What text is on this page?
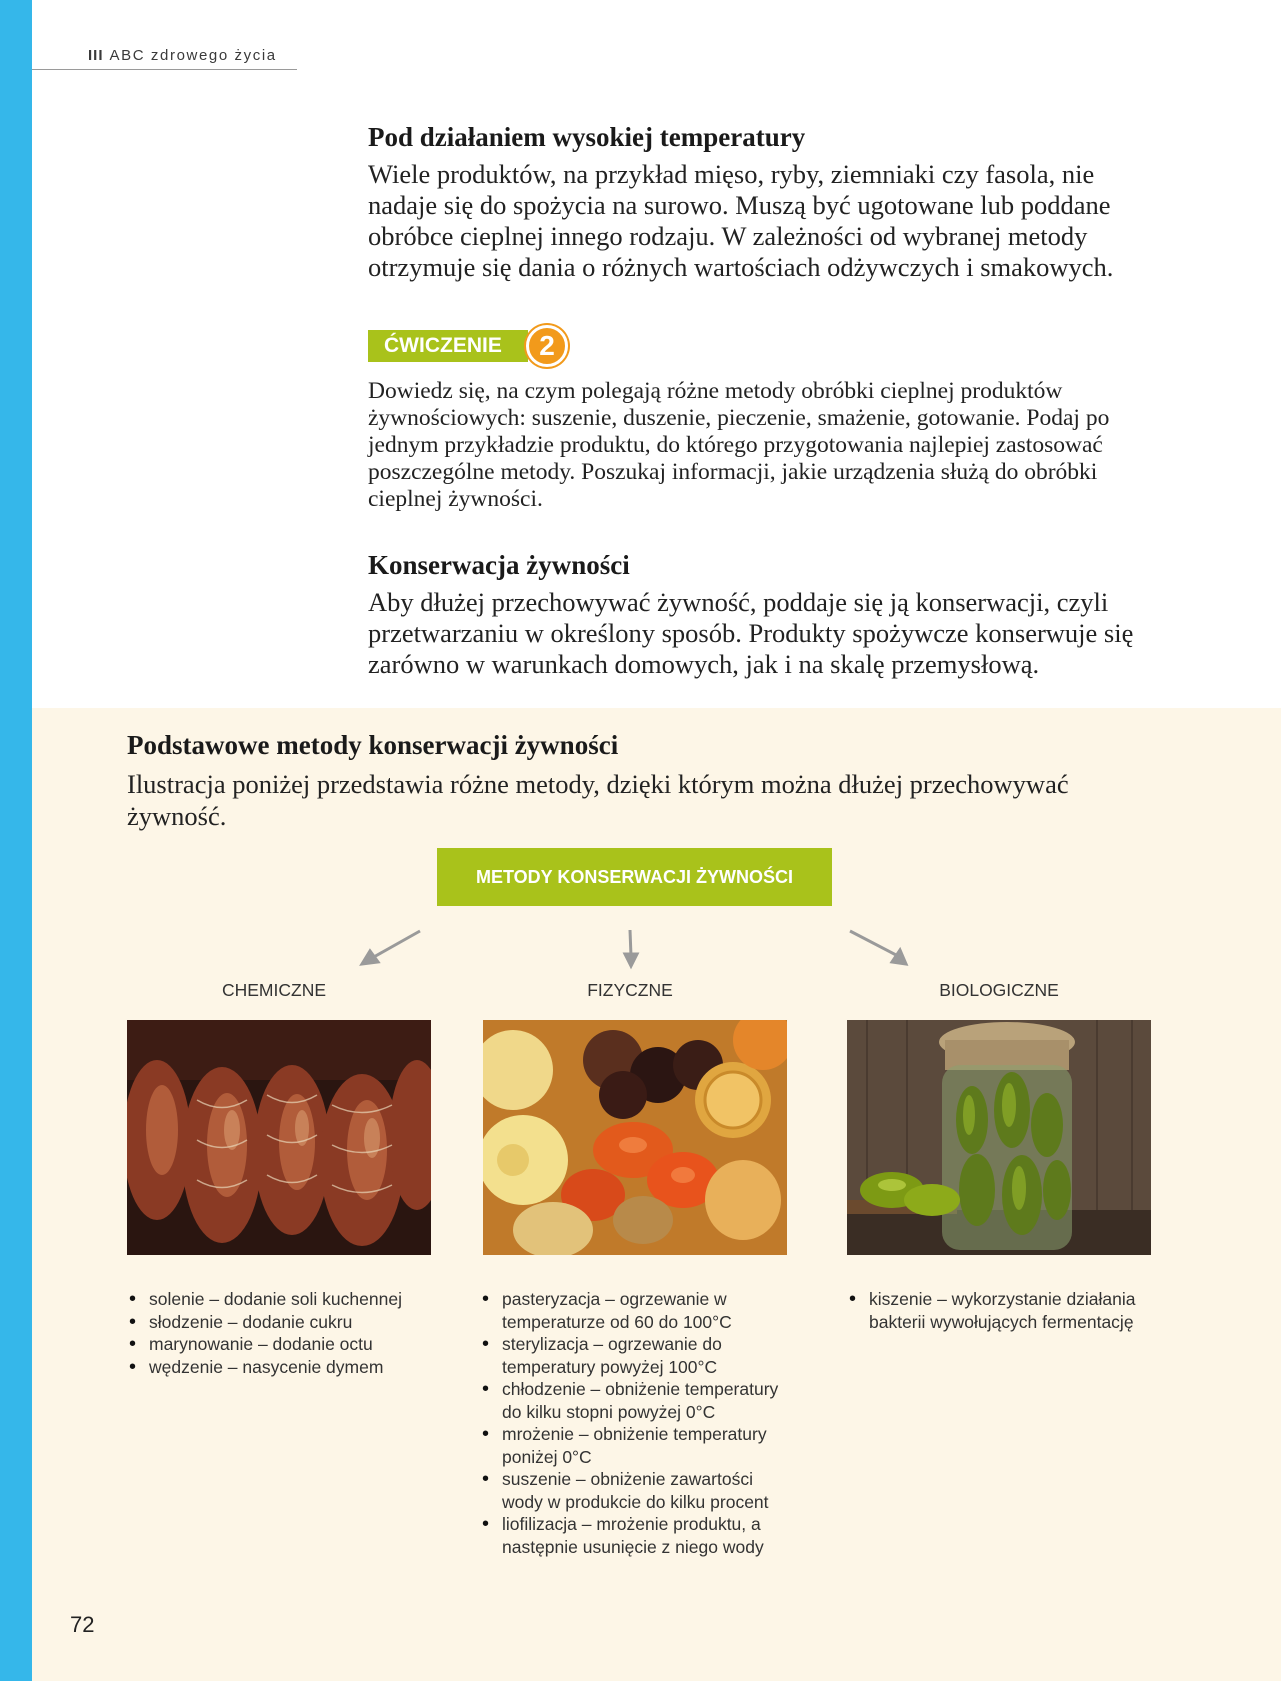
III ABC zdrowego życia
Pod działaniem wysokiej temperatury

Wiele produktów, na przykład mięso, ryby, ziemniaki czy fasola, nie nadaje się do spożycia na surowo. Muszą być ugotowane lub poddane obróbce cieplnej innego rodzaju. W zależności od wybranej metody otrzymuje się dania o różnych wartościach odżywczych i smakowych.

ĆWICZENIE	2

Dowiedz się, na czym polegają różne metody obróbki cieplnej produktów żywnościowych: suszenie, duszenie, pieczenie, smażenie, gotowanie. Podaj po jednym przykładzie produktu, do którego przygotowania najlepiej zastosować poszczególne metody. Poszukaj informacji, jakie urządzenia służą do obróbki cieplnej żywności.

Konserwacja żywności

Aby dłużej przechowywać żywność, poddaje się ją konserwacji, czyli przetwarzaniu w określony sposób. Produkty spożywcze konserwuje się zarówno w warunkach domowych, jak i na skalę przemysłową.

Podstawowe metody konserwacji żywności

Ilustracja poniżej przedstawia różne metody, dzięki którym można dłużej przechowywać żywność.

METODY KONSERWACJI ŻYWNOŚCI
CHEMICZNE	FIZYCZNE	BIOLOGICZNE
• solenie – dodanie soli kuchennej
• słodzenie – dodanie cukru
• marynowanie – dodanie octu
• wędzenie – nasycenie dymem
• pasteryzacja – ogrzewanie w temperaturze od 60 do 100°C
• sterylizacja – ogrzewanie do temperatury powyżej 100°C
• chłodzenie – obniżenie temperatury do kilku stopni powyżej 0°C
• mrożenie – obniżenie temperatury poniżej 0°C
• suszenie – obniżenie zawartości wody w produkcie do kilku procent
• liofilizacja – mrożenie produktu, a następnie usunięcie z niego wody
• kiszenie – wykorzystanie działania bakterii wywołujących fermentację
72
